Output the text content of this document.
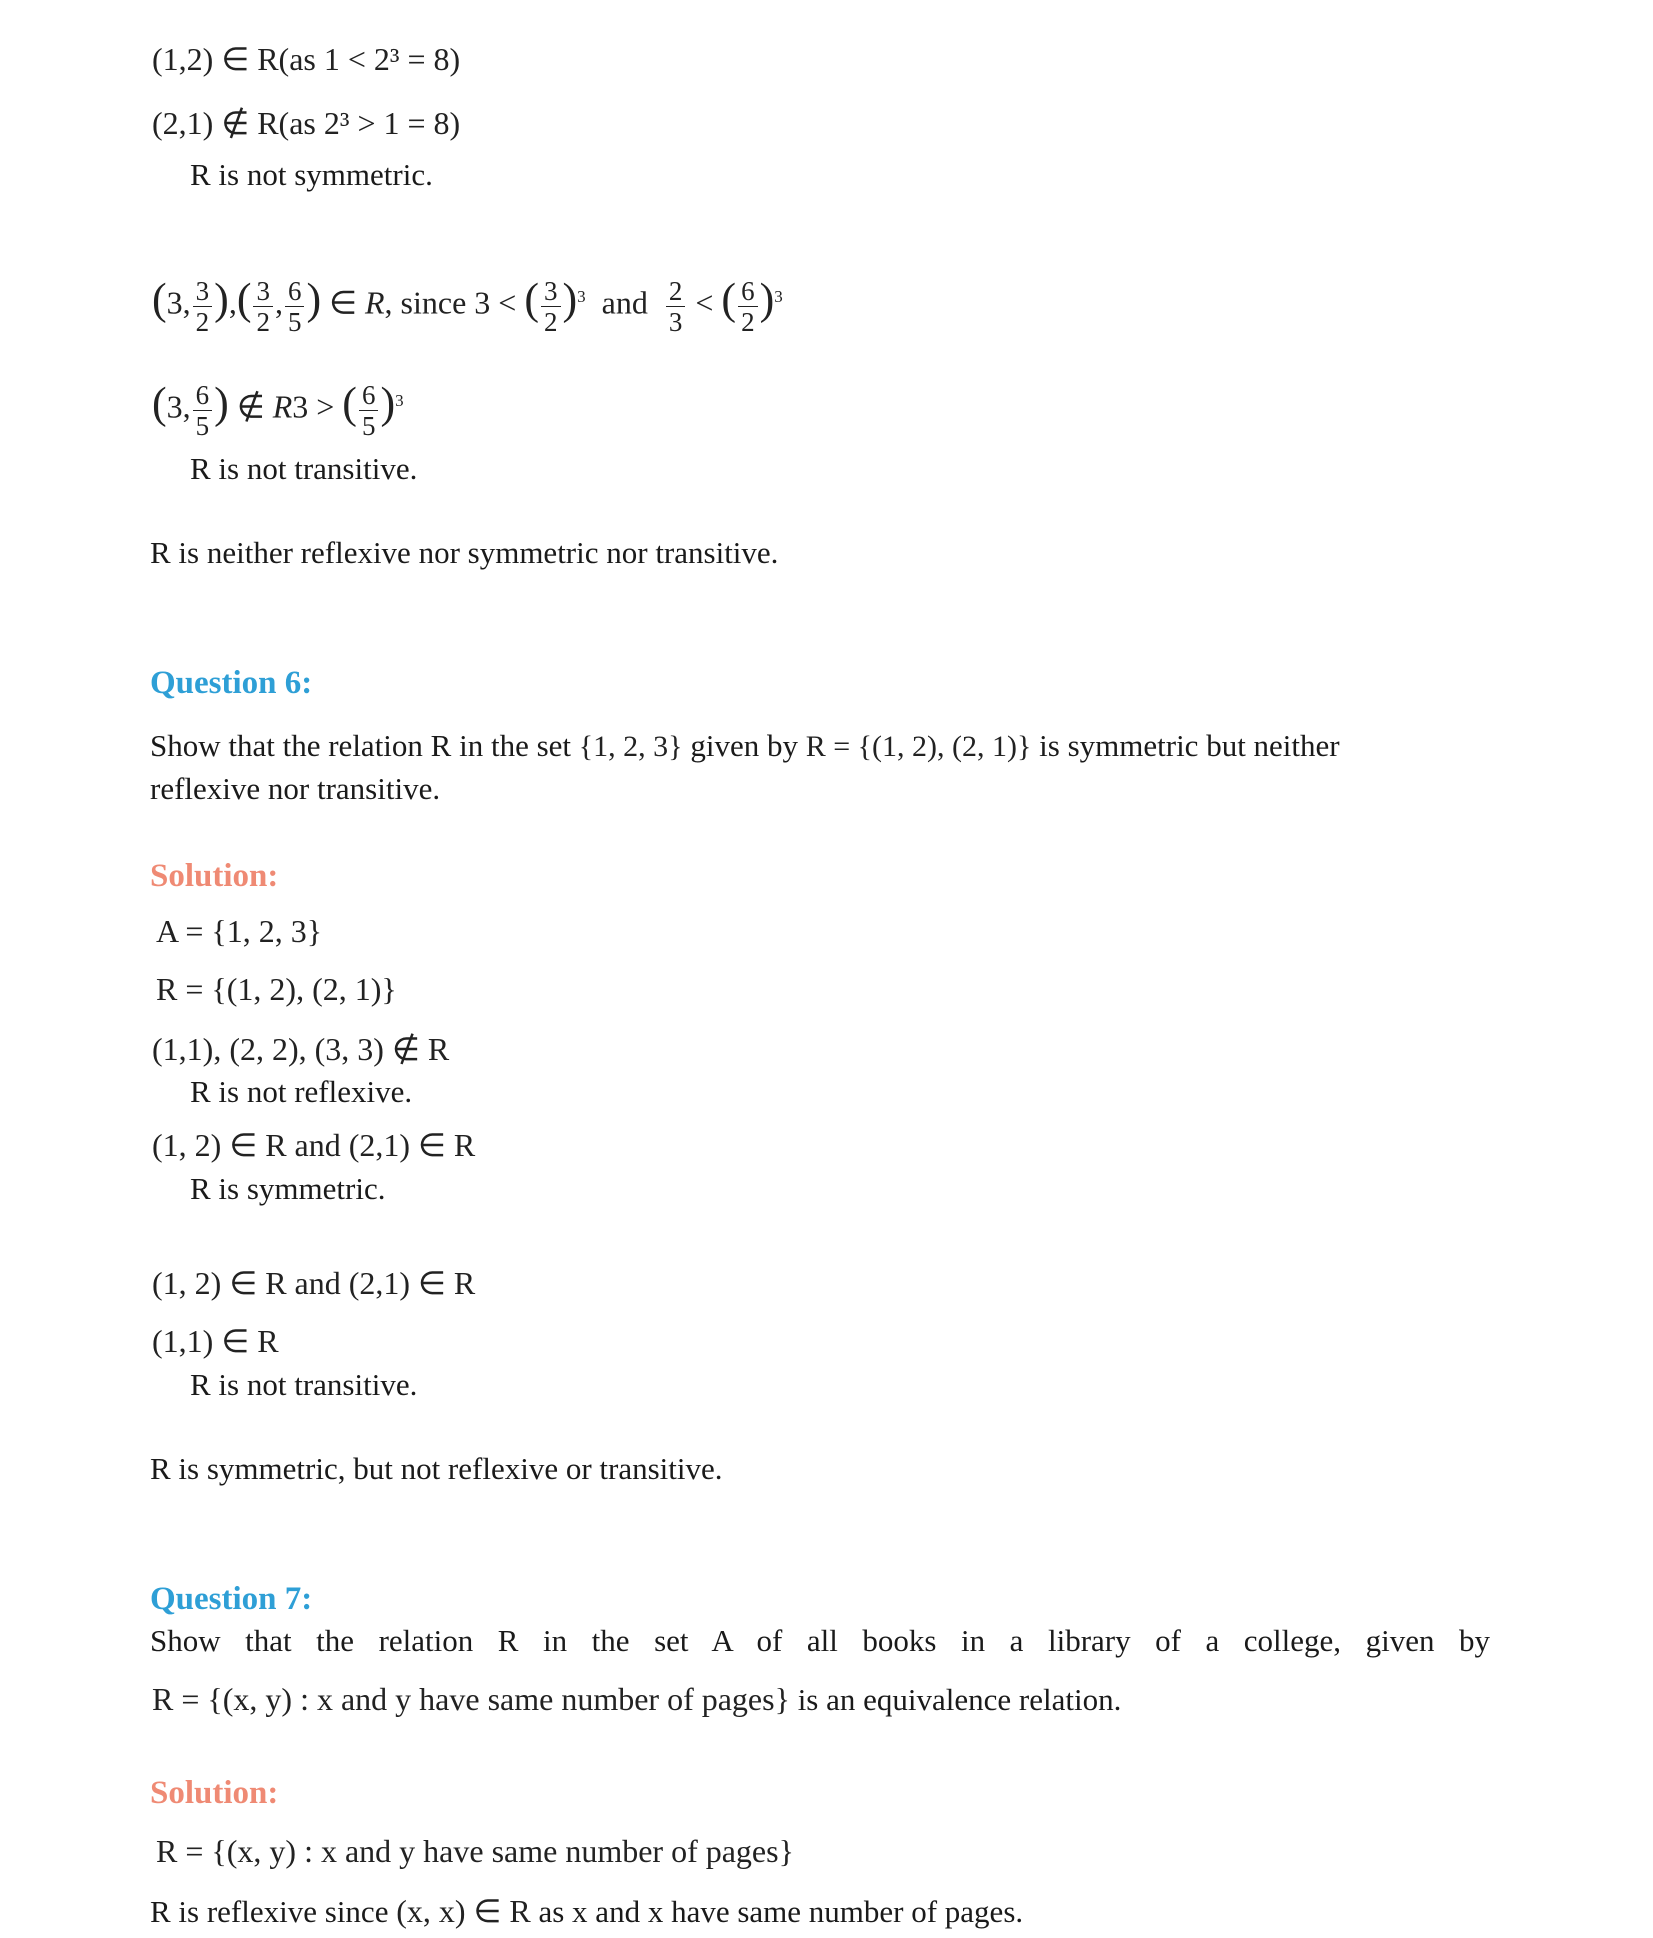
(1,2) ∈ R(as 1 < 2³ = 8)
(2,1) ∉ R(as 2³ > 1 = 8)
R is not symmetric.
(3, $\frac{3}{2}$ ),( $\frac{3}{2}$ , $\frac{6}{5}$ ) ∈ R, since 3 < ( $\frac{3}{2} )^3$  and $\frac{2}{3}$ < ( $\frac{6}{2} )^3$
(3, $\frac{6}{5}$ ) ∉ R3 > ( $\frac{6}{5} )^3$
R is not transitive.
R is neither reflexive nor symmetric nor transitive.
Question 6:
Show that the relation R in the set {1, 2, 3} given by R = {(1, 2), (2, 1)} is symmetric but neither
reflexive nor transitive.
Solution:
A = {1, 2, 3}
R = {(1, 2), (2, 1)}
(1,1), (2, 2), (3, 3) ∉ R
R is not reflexive.
(1, 2) ∈ R and (2,1) ∈ R
R is symmetric.
(1, 2) ∈ R and (2,1) ∈ R
(1,1) ∈ R
R is not transitive.
R is symmetric, but not reflexive or transitive.
Question 7:
Show that the relation R in the set A of all books in a library of a college, given by
R = {(x, y) : x and y have same number of pages} is an equivalence relation.
Solution:
R = {(x, y) : x and y have same number of pages}
R is reflexive since (x, x) ∈ R as x and x have same number of pages.
